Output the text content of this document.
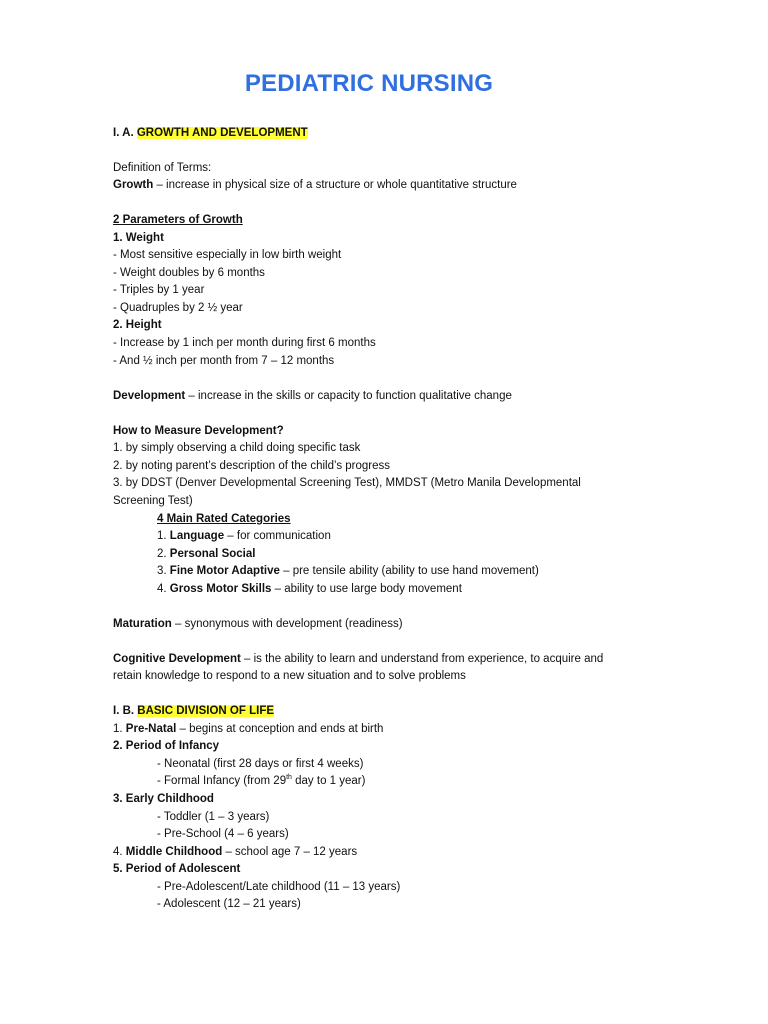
PEDIATRIC NURSING
I. A. GROWTH AND DEVELOPMENT
Definition of Terms:
Growth – increase in physical size of a structure or whole quantitative structure
2 Parameters of Growth
1. Weight
- Most sensitive especially in low birth weight
- Weight doubles by 6 months
- Triples by 1 year
- Quadruples by 2 ½ year
2. Height
- Increase by 1 inch per month during first 6 months
- And ½ inch per month from 7 – 12 months
Development – increase in the skills or capacity to function qualitative change
How to Measure Development?
1. by simply observing a child doing specific task
2. by noting parent’s description of the child’s progress
3. by DDST (Denver Developmental Screening Test), MMDST (Metro Manila Developmental
Screening Test)
4 Main Rated Categories
1. Language – for communication
2. Personal Social
3. Fine Motor Adaptive – pre tensile ability (ability to use hand movement)
4. Gross Motor Skills – ability to use large body movement
Maturation – synonymous with development (readiness)
Cognitive Development – is the ability to learn and understand from experience, to acquire and
retain knowledge to respond to a new situation and to solve problems
I. B. BASIC DIVISION OF LIFE
1. Pre-Natal – begins at conception and ends at birth
2. Period of Infancy
- Neonatal (first 28 days or first 4 weeks)
- Formal Infancy (from 29th day to 1 year)
3. Early Childhood
- Toddler (1 – 3 years)
- Pre-School (4 – 6 years)
4. Middle Childhood – school age 7 – 12 years
5. Period of Adolescent
- Pre-Adolescent/Late childhood (11 – 13 years)
- Adolescent (12 – 21 years)
